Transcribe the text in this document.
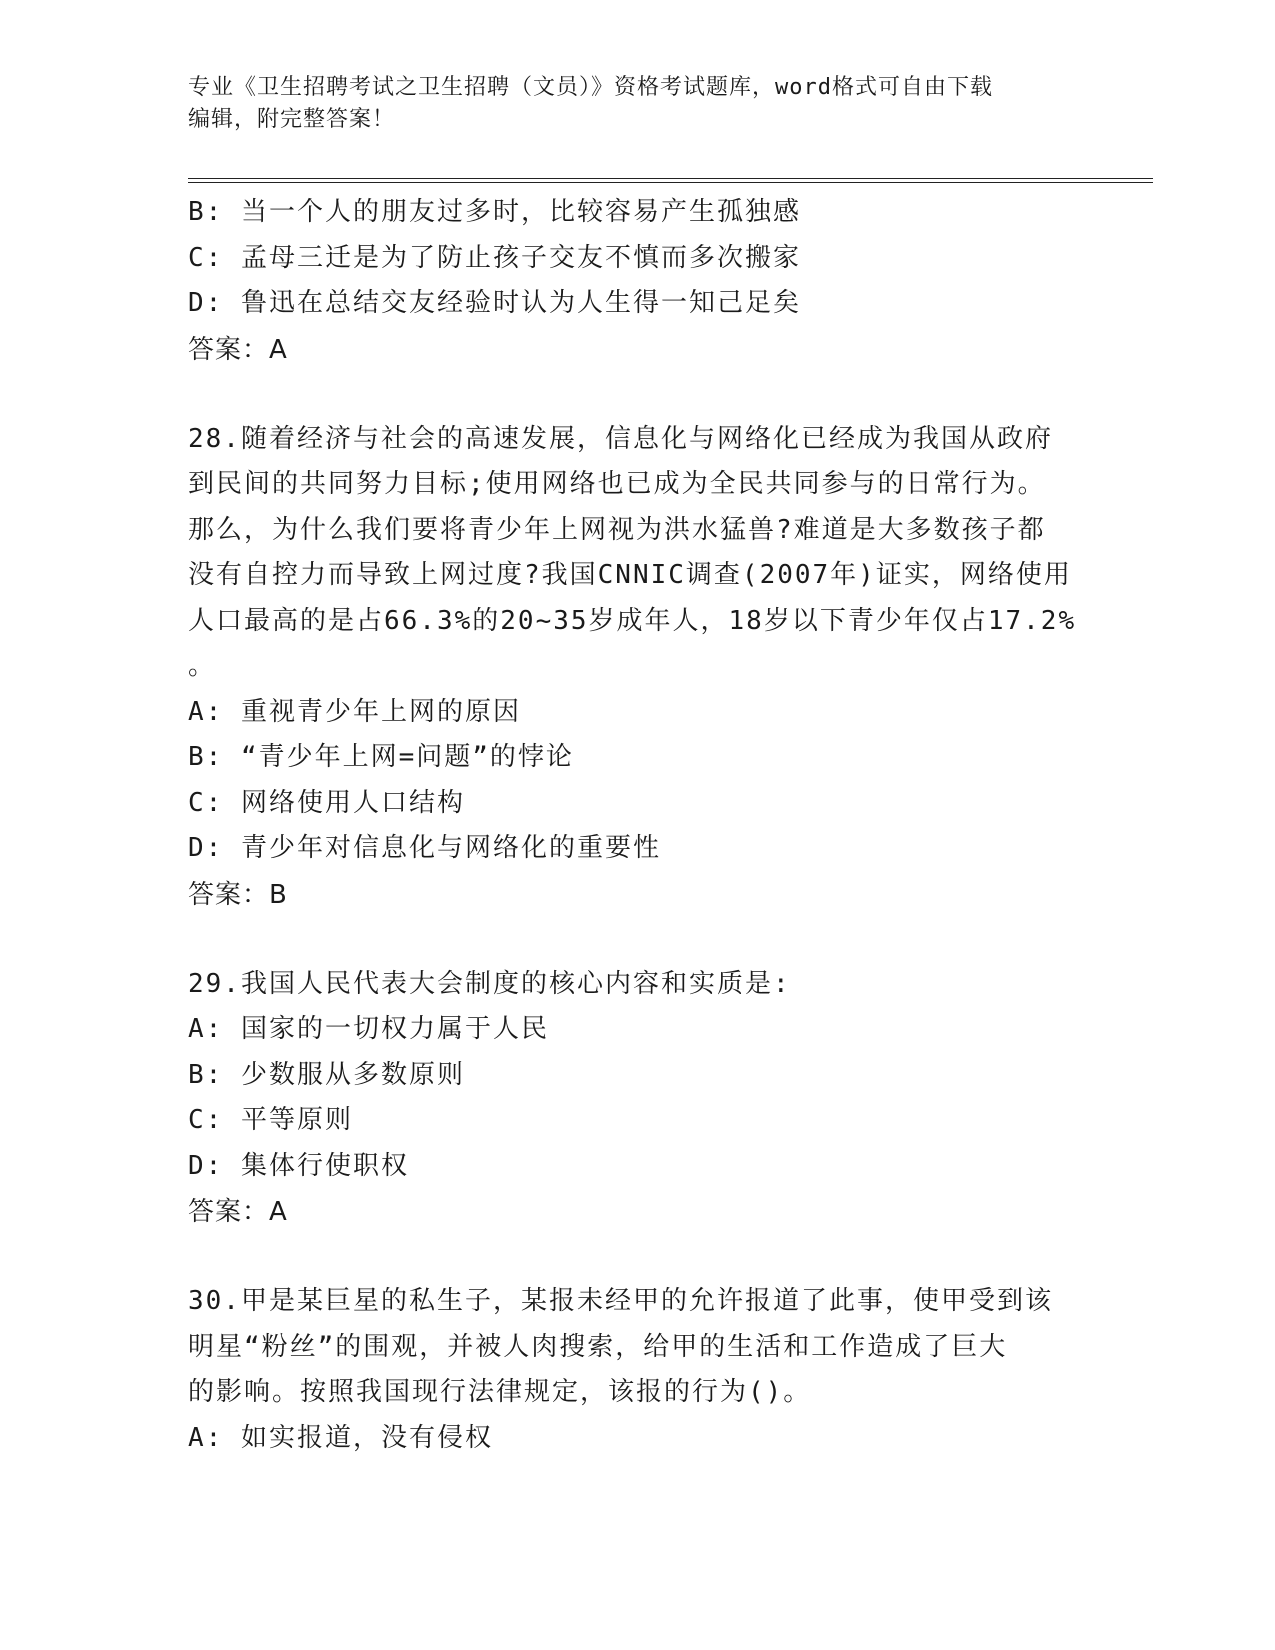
专业《卫生招聘考试之卫生招聘（文员）》资格考试题库，word格式可自由下载
编辑，附完整答案！
B: 当一个人的朋友过多时，比较容易产生孤独感
C: 孟母三迁是为了防止孩子交友不慎而多次搬家
D: 鲁迅在总结交友经验时认为人生得一知己足矣
答案：A
28.随着经济与社会的高速发展，信息化与网络化已经成为我国从政府
到民间的共同努力目标;使用网络也已成为全民共同参与的日常行为。
那么，为什么我们要将青少年上网视为洪水猛兽?难道是大多数孩子都
没有自控力而导致上网过度?我国CNNIC调查(2007年)证实，网络使用
人口最高的是占66.3%的20~35岁成年人，18岁以下青少年仅占17.2%
。
A: 重视青少年上网的原因
B: “青少年上网=问题”的悖论
C: 网络使用人口结构
D: 青少年对信息化与网络化的重要性
答案：B
29.我国人民代表大会制度的核心内容和实质是:
A: 国家的一切权力属于人民
B: 少数服从多数原则
C: 平等原则
D: 集体行使职权
答案：A
30.甲是某巨星的私生子，某报未经甲的允许报道了此事，使甲受到该
明星“粉丝”的围观，并被人肉搜索，给甲的生活和工作造成了巨大
的影响。按照我国现行法律规定，该报的行为()。
A: 如实报道，没有侵权
